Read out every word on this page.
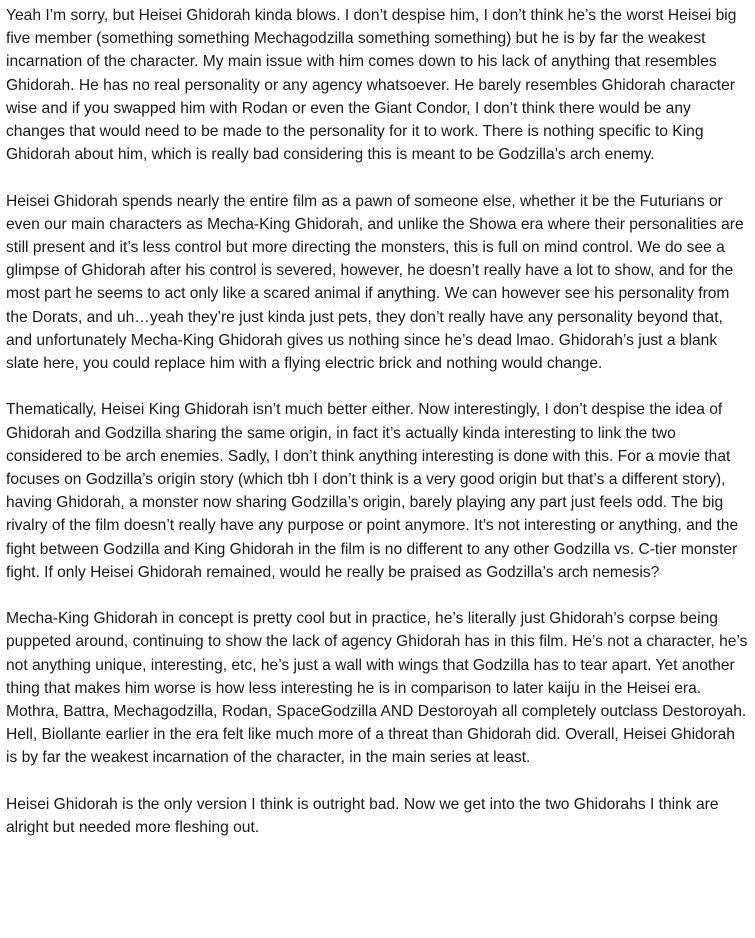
Yeah I’m sorry, but Heisei Ghidorah kinda blows. I don’t despise him, I don’t think he’s the worst Heisei big five member (something something Mechagodzilla something something) but he is by far the weakest incarnation of the character. My main issue with him comes down to his lack of anything that resembles Ghidorah. He has no real personality or any agency whatsoever. He barely resembles Ghidorah character wise and if you swapped him with Rodan or even the Giant Condor, I don’t think there would be any changes that would need to be made to the personality for it to work. There is nothing specific to King Ghidorah about him, which is really bad considering this is meant to be Godzilla’s arch enemy.

Heisei Ghidorah spends nearly the entire film as a pawn of someone else, whether it be the Futurians or even our main characters as Mecha-King Ghidorah, and unlike the Showa era where their personalities are still present and it’s less control but more directing the monsters, this is full on mind control. We do see a glimpse of Ghidorah after his control is severed, however, he doesn’t really have a lot to show, and for the most part he seems to act only like a scared animal if anything. We can however see his personality from the Dorats, and uh…yeah they’re just kinda just pets, they don’t really have any personality beyond that, and unfortunately Mecha-King Ghidorah gives us nothing since he’s dead lmao. Ghidorah’s just a blank slate here, you could replace him with a flying electric brick and nothing would change.

Thematically, Heisei King Ghidorah isn’t much better either. Now interestingly, I don’t despise the idea of Ghidorah and Godzilla sharing the same origin, in fact it’s actually kinda interesting to link the two considered to be arch enemies. Sadly, I don’t think anything interesting is done with this. For a movie that focuses on Godzilla’s origin story (which tbh I don’t think is a very good origin but that’s a different story), having Ghidorah, a monster now sharing Godzilla’s origin, barely playing any part just feels odd. The big rivalry of the film doesn’t really have any purpose or point anymore. It’s not interesting or anything, and the fight between Godzilla and King Ghidorah in the film is no different to any other Godzilla vs. C-tier monster fight. If only Heisei Ghidorah remained, would he really be praised as Godzilla’s arch nemesis?

Mecha-King Ghidorah in concept is pretty cool but in practice, he’s literally just Ghidorah’s corpse being puppeted around, continuing to show the lack of agency Ghidorah has in this film. He’s not a character, he’s not anything unique, interesting, etc, he’s just a wall with wings that Godzilla has to tear apart. Yet another thing that makes him worse is how less interesting he is in comparison to later kaiju in the Heisei era. Mothra, Battra, Mechagodzilla, Rodan, SpaceGodzilla AND Destoroyah all completely outclass Destoroyah. Hell, Biollante earlier in the era felt like much more of a threat than Ghidorah did. Overall, Heisei Ghidorah is by far the weakest incarnation of the character, in the main series at least.

Heisei Ghidorah is the only version I think is outright bad. Now we get into the two Ghidorahs I think are alright but needed more fleshing out.
